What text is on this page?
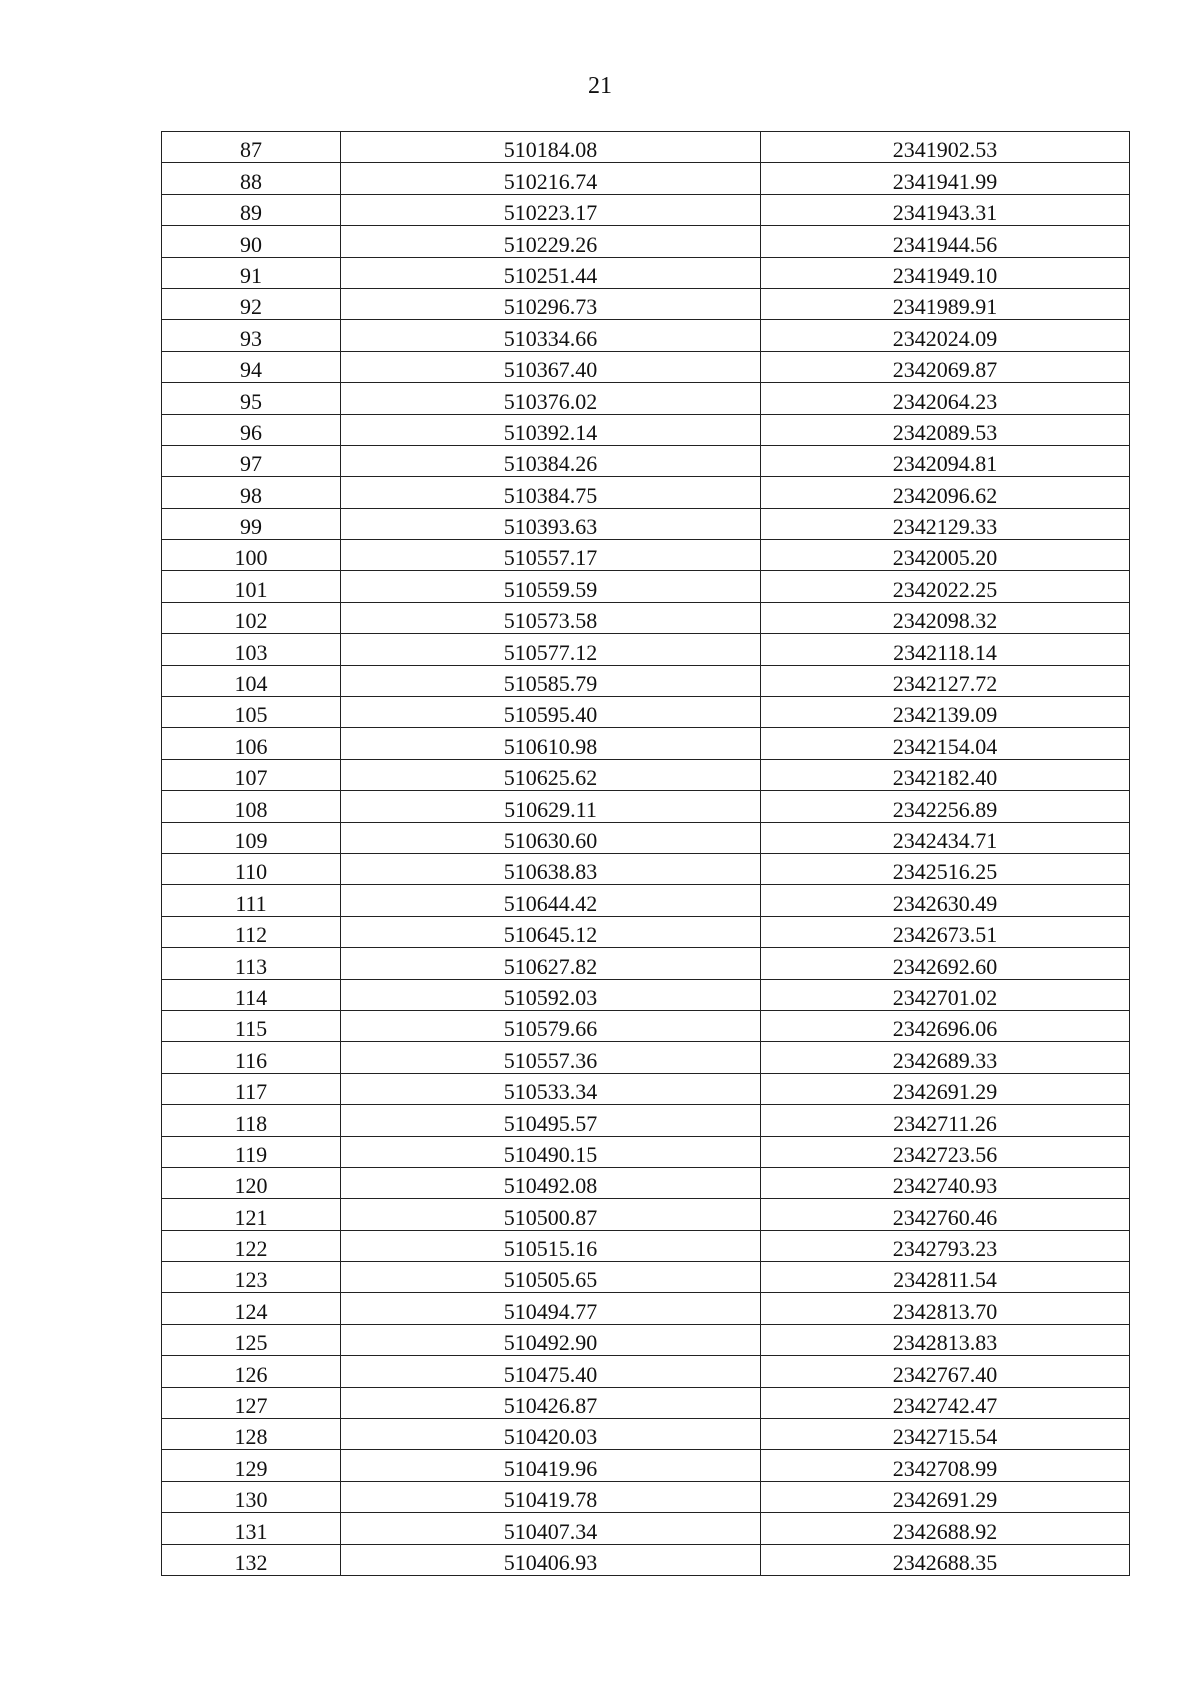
21
87	510184.08	2341902.53
88	510216.74	2341941.99
89	510223.17	2341943.31
90	510229.26	2341944.56
91	510251.44	2341949.10
92	510296.73	2341989.91
93	510334.66	2342024.09
94	510367.40	2342069.87
95	510376.02	2342064.23
96	510392.14	2342089.53
97	510384.26	2342094.81
98	510384.75	2342096.62
99	510393.63	2342129.33
100	510557.17	2342005.20
101	510559.59	2342022.25
102	510573.58	2342098.32
103	510577.12	2342118.14
104	510585.79	2342127.72
105	510595.40	2342139.09
106	510610.98	2342154.04
107	510625.62	2342182.40
108	510629.11	2342256.89
109	510630.60	2342434.71
110	510638.83	2342516.25
111	510644.42	2342630.49
112	510645.12	2342673.51
113	510627.82	2342692.60
114	510592.03	2342701.02
115	510579.66	2342696.06
116	510557.36	2342689.33
117	510533.34	2342691.29
118	510495.57	2342711.26
119	510490.15	2342723.56
120	510492.08	2342740.93
121	510500.87	2342760.46
122	510515.16	2342793.23
123	510505.65	2342811.54
124	510494.77	2342813.70
125	510492.90	2342813.83
126	510475.40	2342767.40
127	510426.87	2342742.47
128	510420.03	2342715.54
129	510419.96	2342708.99
130	510419.78	2342691.29
131	510407.34	2342688.92
132	510406.93	2342688.35
